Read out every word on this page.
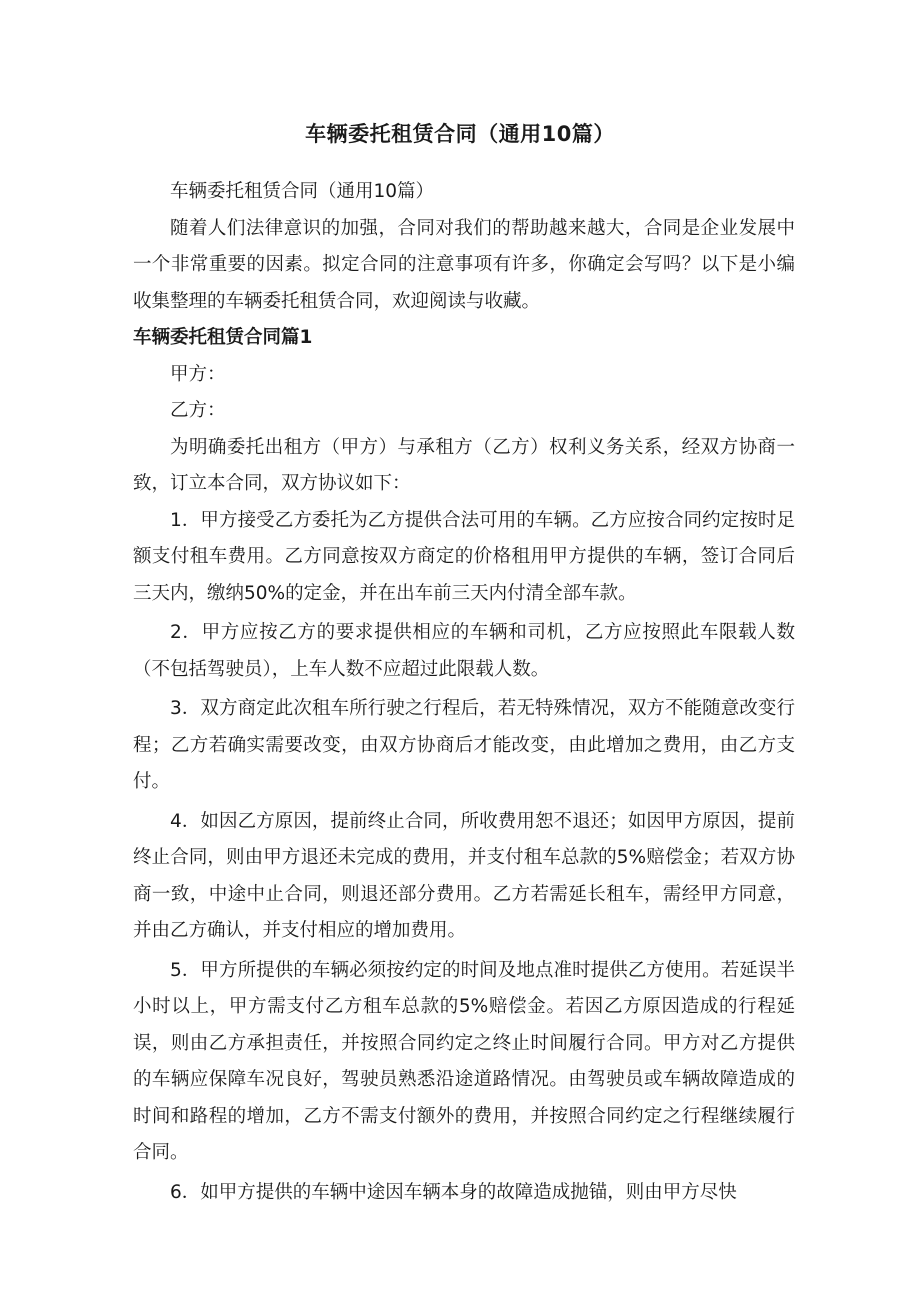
车辆委托租赁合同（通用10篇）

车辆委托租赁合同（通用10篇）

随着人们法律意识的加强，合同对我们的帮助越来越大，合同是企业发展中一个非常重要的因素。拟定合同的注意事项有许多，你确定会写吗？以下是小编收集整理的车辆委托租赁合同，欢迎阅读与收藏。

车辆委托租赁合同篇1

甲方：

乙方：

为明确委托出租方（甲方）与承租方（乙方）权利义务关系，经双方协商一致，订立本合同，双方协议如下：

1．甲方接受乙方委托为乙方提供合法可用的车辆。乙方应按合同约定按时足额支付租车费用。乙方同意按双方商定的价格租用甲方提供的车辆，签订合同后三天内，缴纳50%的定金，并在出车前三天内付清全部车款。

2．甲方应按乙方的要求提供相应的车辆和司机，乙方应按照此车限载人数（不包括驾驶员），上车人数不应超过此限载人数。

3．双方商定此次租车所行驶之行程后，若无特殊情况，双方不能随意改变行程；乙方若确实需要改变，由双方协商后才能改变，由此增加之费用，由乙方支付。

4．如因乙方原因，提前终止合同，所收费用恕不退还；如因甲方原因，提前终止合同，则由甲方退还未完成的费用，并支付租车总款的5%赔偿金；若双方协商一致，中途中止合同，则退还部分费用。乙方若需延长租车，需经甲方同意，并由乙方确认，并支付相应的增加费用。

5．甲方所提供的车辆必须按约定的时间及地点准时提供乙方使用。若延误半小时以上，甲方需支付乙方租车总款的5%赔偿金。若因乙方原因造成的行程延误，则由乙方承担责任，并按照合同约定之终止时间履行合同。甲方对乙方提供的车辆应保障车况良好，驾驶员熟悉沿途道路情况。由驾驶员或车辆故障造成的时间和路程的增加，乙方不需支付额外的费用，并按照合同约定之行程继续履行合同。

6．如甲方提供的车辆中途因车辆本身的故障造成抛锚，则由甲方尽快
